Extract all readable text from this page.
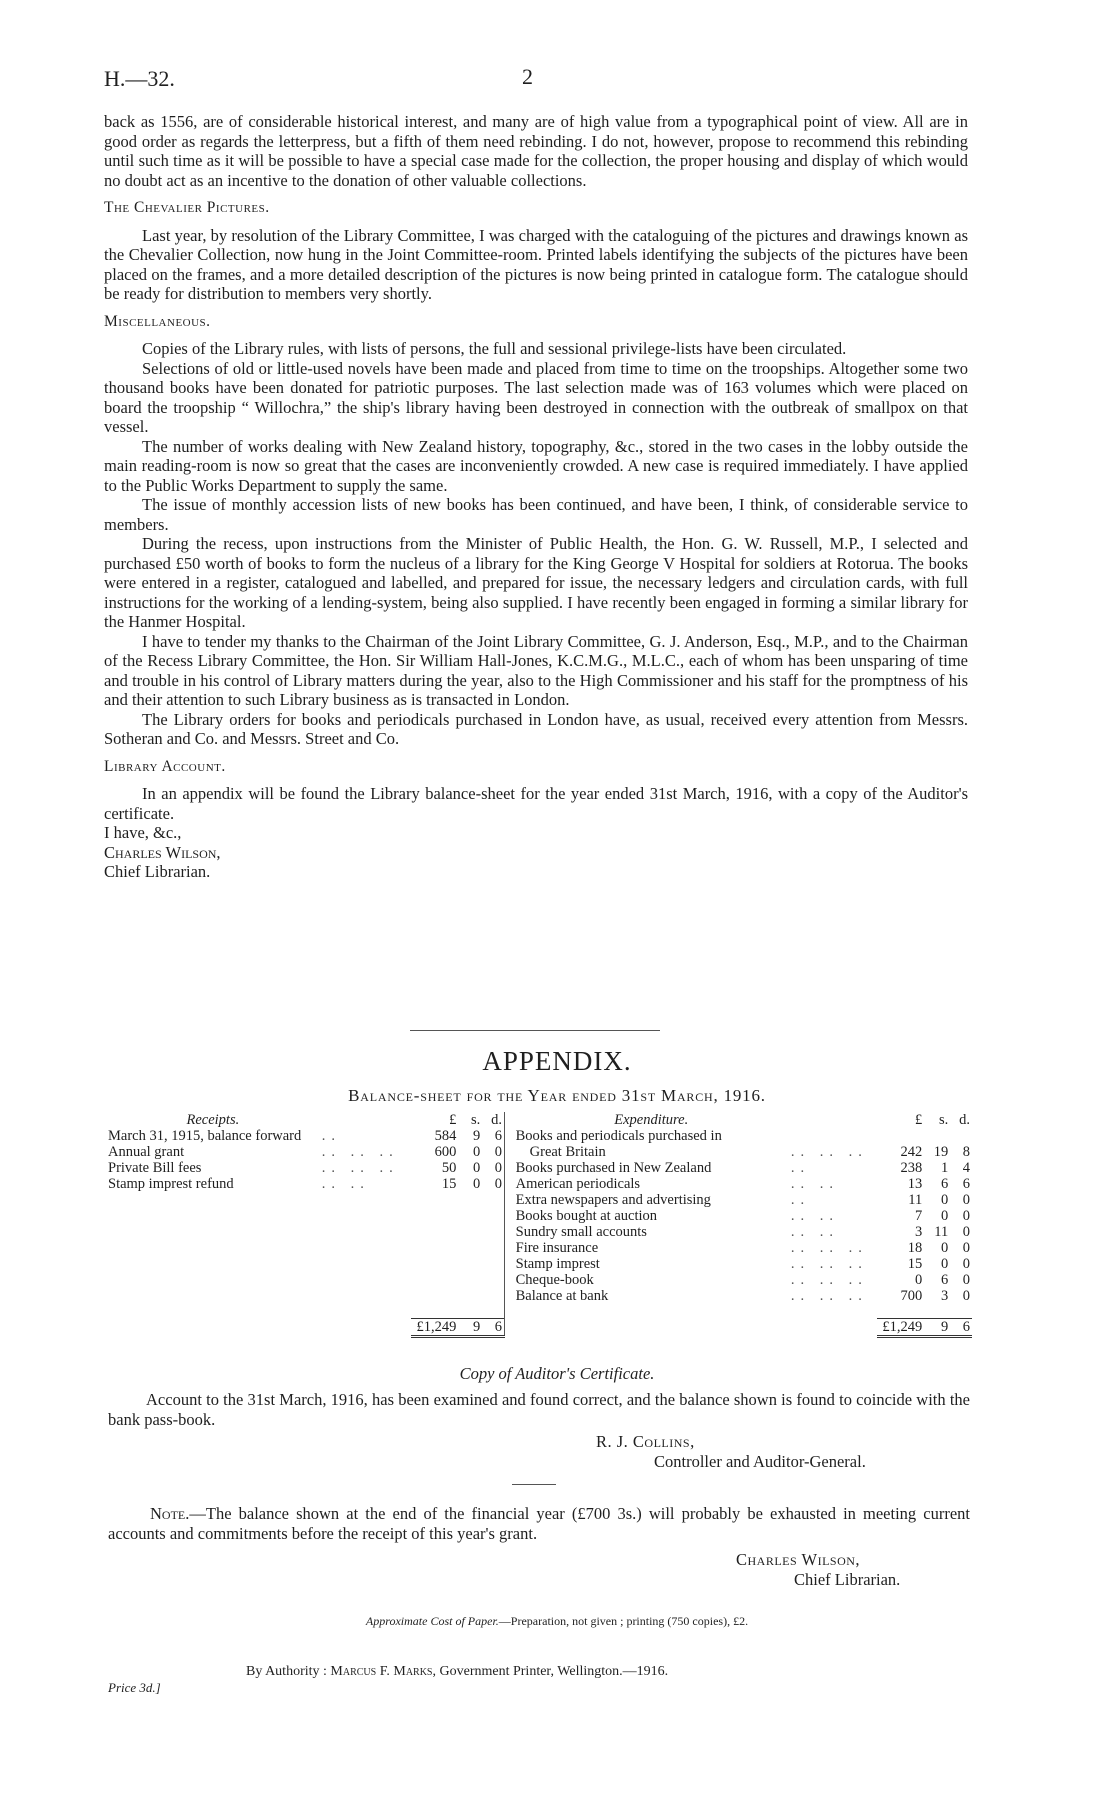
H.—32.	2

back as 1556, are of considerable historical interest, and many are of high value from a typographical point of view. All are in good order as regards the letterpress, but a fifth of them need rebinding. I do not, however, propose to recommend this rebinding until such time as it will be possible to have a special case made for the collection, the proper housing and display of which would no doubt act as an incentive to the donation of other valuable collections.

The Chevalier Pictures.

Last year, by resolution of the Library Committee, I was charged with the cataloguing of the pictures and drawings known as the Chevalier Collection, now hung in the Joint Committee-room. Printed labels identifying the subjects of the pictures have been placed on the frames, and a more detailed description of the pictures is now being printed in catalogue form. The catalogue should be ready for distribution to members very shortly.

Miscellaneous.

Copies of the Library rules, with lists of persons, the full and sessional privilege-lists have been circulated.

Selections of old or little-used novels have been made and placed from time to time on the troopships. Altogether some two thousand books have been donated for patriotic purposes. The last selection made was of 163 volumes which were placed on board the troopship “ Willochra,” the ship's library having been destroyed in connection with the outbreak of smallpox on that vessel.

The number of works dealing with New Zealand history, topography, &c., stored in the two cases in the lobby outside the main reading-room is now so great that the cases are inconveniently crowded. A new case is required immediately. I have applied to the Public Works Department to supply the same.

The issue of monthly accession lists of new books has been continued, and have been, I think, of considerable service to members.

During the recess, upon instructions from the Minister of Public Health, the Hon. G. W. Russell, M.P., I selected and purchased £50 worth of books to form the nucleus of a library for the King George V Hospital for soldiers at Rotorua. The books were entered in a register, catalogued and labelled, and prepared for issue, the necessary ledgers and circulation cards, with full instructions for the working of a lending-system, being also supplied. I have recently been engaged in forming a similar library for the Hanmer Hospital.

I have to tender my thanks to the Chairman of the Joint Library Committee, G. J. Anderson, Esq., M.P., and to the Chairman of the Recess Library Committee, the Hon. Sir William Hall-Jones, K.C.M.G., M.L.C., each of whom has been unsparing of time and trouble in his control of Library matters during the year, also to the High Commissioner and his staff for the promptness of his and their attention to such Library business as is transacted in London.

The Library orders for books and periodicals purchased in London have, as usual, received every attention from Messrs. Sotheran and Co. and Messrs. Street and Co.

Library Account.

In an appendix will be found the Library balance-sheet for the year ended 31st March, 1916, with a copy of the Auditor's certificate.

I have, &c.,

Charles Wilson,

Chief Librarian.

APPENDIX.
Balance-sheet for the Year ended 31st March, 1916.
Receipts.		£	s.	d.		Expenditure.		£	s.	d.
March 31, 1915, balance forward	..	584	9	6		Books and periodicals purchased in				
Annual grant	.. .. ..	600	0	0		Great Britain	.. .. ..	242	19	8
Private Bill fees	.. .. ..	50	0	0		Books purchased in New Zealand	..	238	1	4
Stamp imprest refund	.. ..	15	0	0		American periodicals	.. ..	13	6	6
						Extra newspapers and advertising	..	11	0	0
						Books bought at auction	.. ..	7	0	0
						Sundry small accounts	.. ..	3	11	0
						Fire insurance	.. .. ..	18	0	0
						Stamp imprest	.. .. ..	15	0	0
						Cheque-book	.. .. ..	0	6	0
						Balance at bank	.. .. ..	700	3	0

		£1,249	9	6				£1,249	9	6
Copy of Auditor's Certificate.
Account to the 31st March, 1916, has been examined and found correct, and the balance shown is found to coincide with the bank pass-book.
R. J. Collins,
Controller and Auditor-General.
Note.—The balance shown at the end of the financial year (£700 3s.) will probably be exhausted in meeting current accounts and commitments before the receipt of this year's grant.
Charles Wilson,
Chief Librarian.
Approximate Cost of Paper.—Preparation, not given ; printing (750 copies), £2.
By Authority : Marcus F. Marks, Government Printer, Wellington.—1916.
Price 3d.]
